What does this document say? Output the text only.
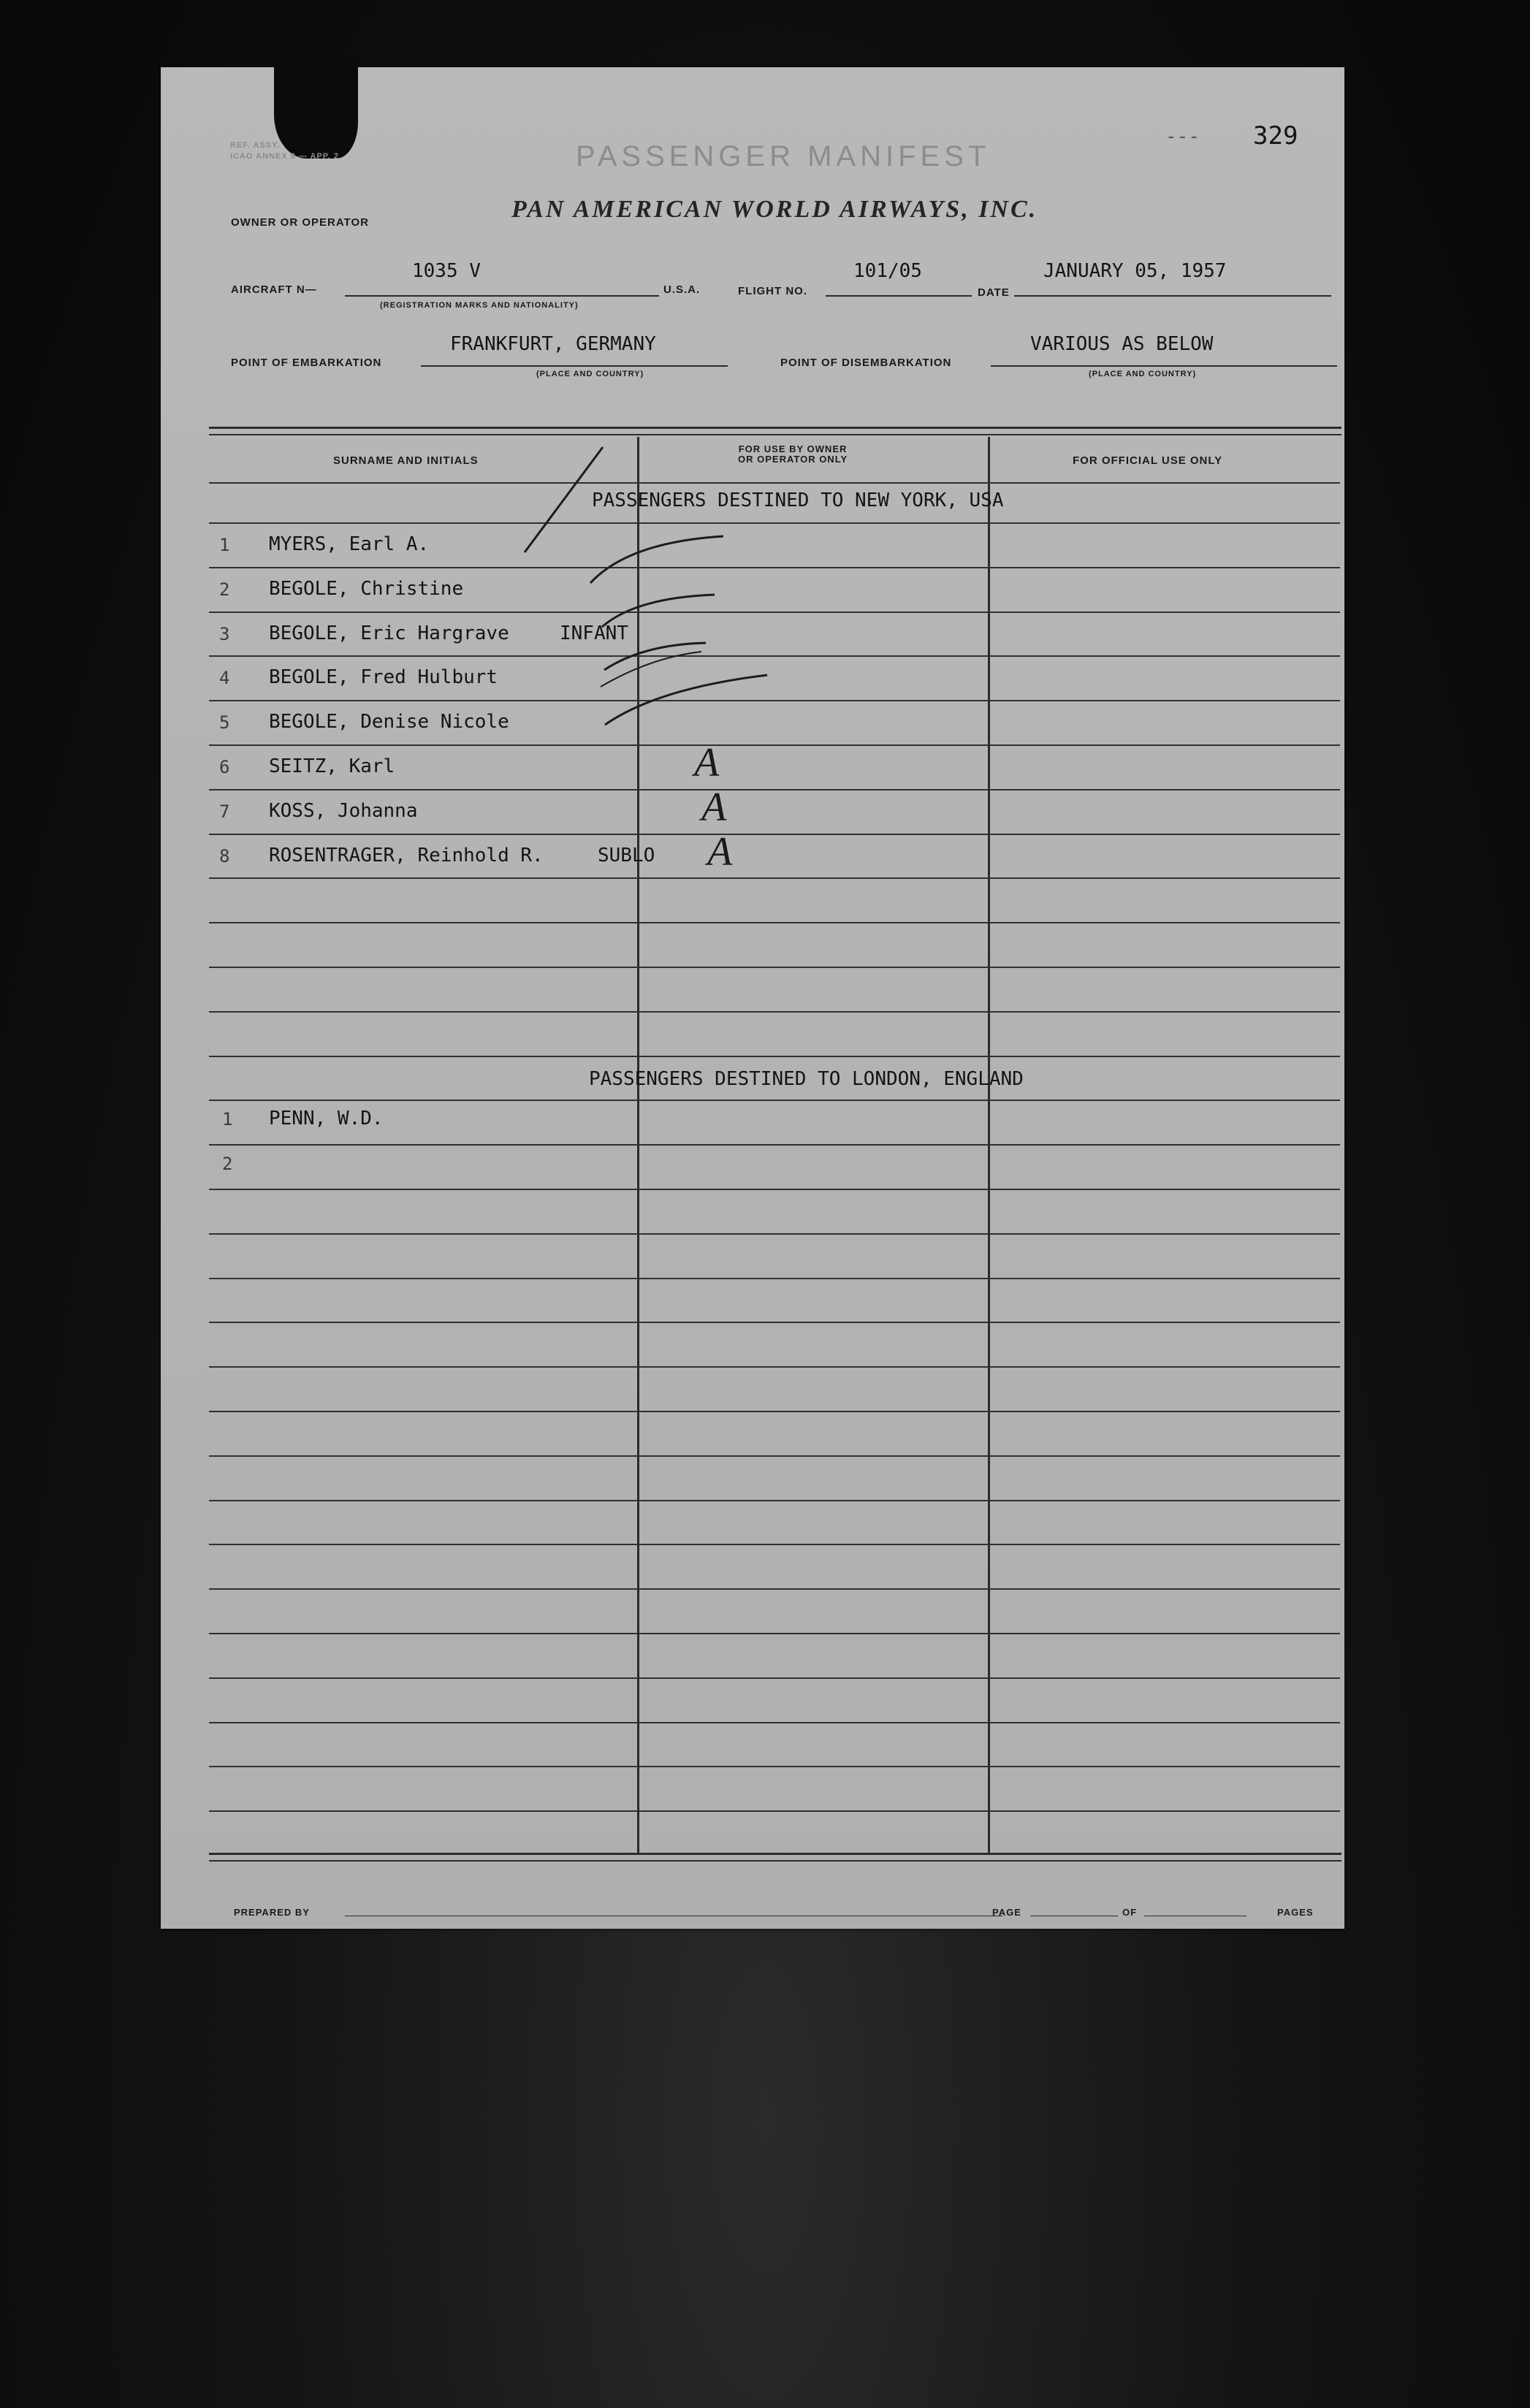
REF. ASSY.
ICAO ANNEX 9 — APP. 2
--- 329
PASSENGER MANIFEST
OWNER OR OPERATOR	PAN AMERICAN WORLD AIRWAYS, INC.
AIRCRAFT N—
1035 V
(REGISTRATION MARKS AND NATIONALITY)
U.S.A.	FLIGHT NO.
101/05
DATE
JANUARY 05, 1957
POINT OF EMBARKATION
FRANKFURT, GERMANY
(PLACE AND COUNTRY)
POINT OF DISEMBARKATION
VARIOUS AS BELOW
(PLACE AND COUNTRY)
SURNAME AND INITIALS
FOR USE BY OWNER
OR OPERATOR ONLY	FOR OFFICIAL USE ONLY
PASSENGERS DESTINED TO NEW YORK, USA
1 MYERS, Earl A.
2 BEGOLE, Christine
3 BEGOLE, Eric Hargrave	INFANT
4 BEGOLE, Fred Hulburt
5 BEGOLE, Denise Nicole
6 SEITZ, Karl	A
7 KOSS, Johanna	A
8 ROSENTRAGER, Reinhold R.	SUBLO A
PASSENGERS DESTINED TO LONDON, ENGLAND
1 PENN, W.D.
2
PREPARED BY	PAGE	OF	PAGES
